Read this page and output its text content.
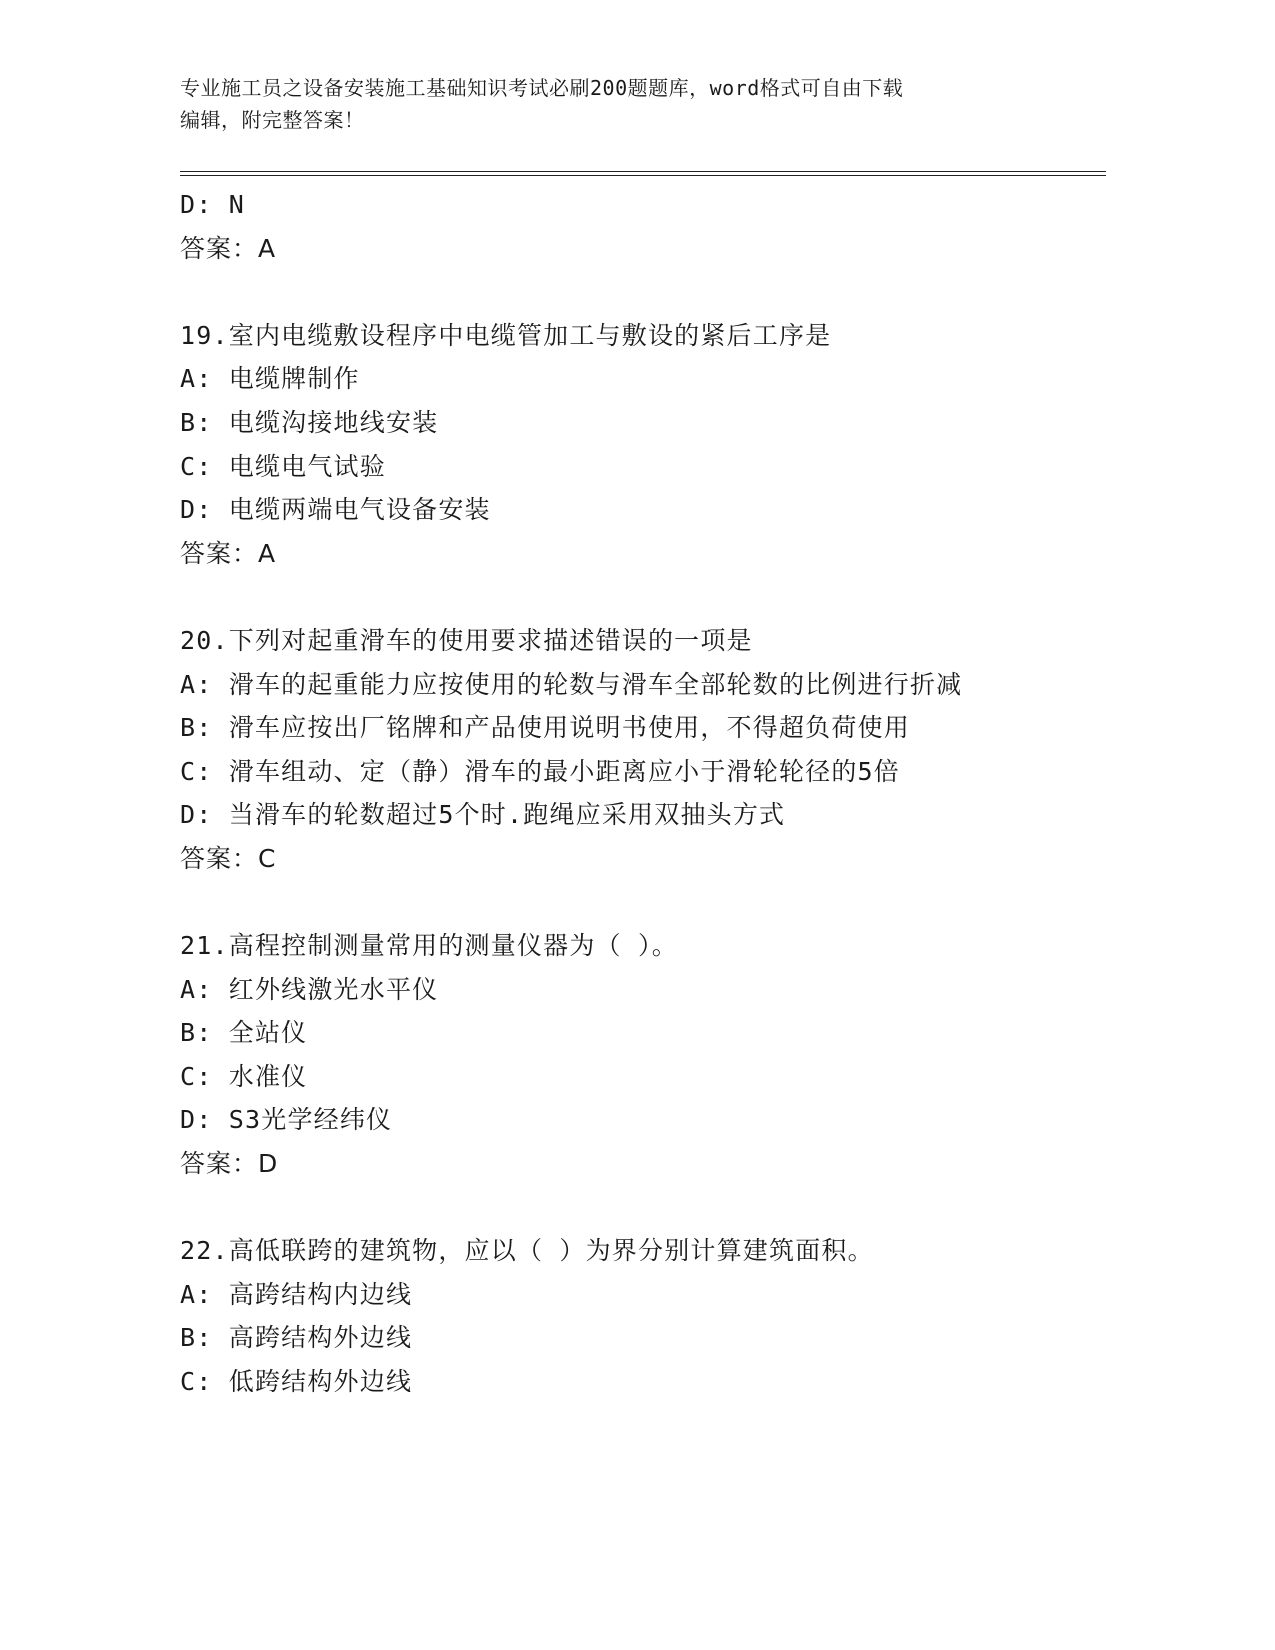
专业施工员之设备安装施工基础知识考试必刷200题题库，word格式可自由下载
编辑，附完整答案！
D: N
答案：A
19.室内电缆敷设程序中电缆管加工与敷设的紧后工序是
A: 电缆牌制作
B: 电缆沟接地线安装
C: 电缆电气试验
D: 电缆两端电气设备安装
答案：A
20.下列对起重滑车的使用要求描述错误的一项是
A: 滑车的起重能力应按使用的轮数与滑车全部轮数的比例进行折减
B: 滑车应按出厂铭牌和产品使用说明书使用，不得超负荷使用
C: 滑车组动、定（静）滑车的最小距离应小于滑轮轮径的5倍
D: 当滑车的轮数超过5个时.跑绳应采用双抽头方式
答案：C
21.高程控制测量常用的测量仪器为（ ）。
A: 红外线激光水平仪
B: 全站仪
C: 水准仪
D: S3光学经纬仪
答案：D
22.高低联跨的建筑物，应以（ ）为界分别计算建筑面积。
A: 高跨结构内边线
B: 高跨结构外边线
C: 低跨结构外边线
